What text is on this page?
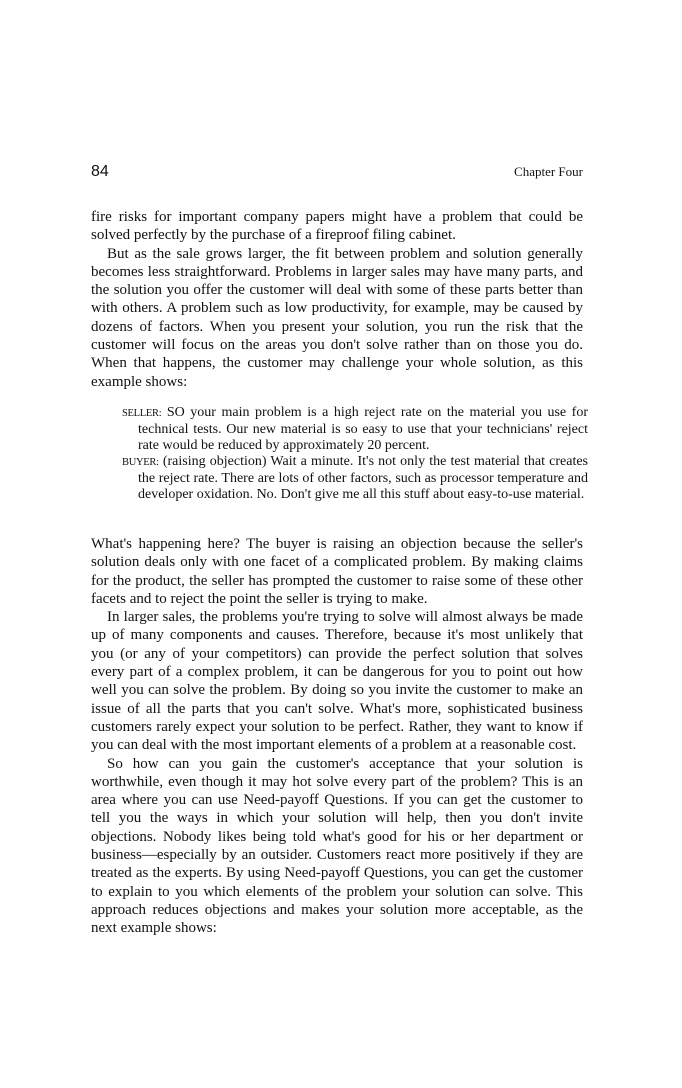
84	Chapter Four

fire risks for important company papers might have a problem that could be solved perfectly by the purchase of a fireproof filing cabinet.

But as the sale grows larger, the fit between problem and solution generally becomes less straightforward. Problems in larger sales may have many parts, and the solution you offer the customer will deal with some of these parts better than with others. A problem such as low productivity, for example, may be caused by dozens of factors. When you present your solution, you run the risk that the customer will focus on the areas you don't solve rather than on those you do. When that happens, the customer may challenge your whole solution, as this example shows:

SELLER: SO your main problem is a high reject rate on the material you use for technical tests. Our new material is so easy to use that your technicians' reject rate would be reduced by approximately 20 percent.

BUYER: (raising objection) Wait a minute. It's not only the test material that creates the reject rate. There are lots of other factors, such as processor temperature and developer oxidation. No. Don't give me all this stuff about easy-to-use material.

What's happening here? The buyer is raising an objection because the seller's solution deals only with one facet of a complicated problem. By making claims for the product, the seller has prompted the customer to raise some of these other facets and to reject the point the seller is trying to make.

In larger sales, the problems you're trying to solve will almost always be made up of many components and causes. Therefore, because it's most unlikely that you (or any of your competitors) can provide the perfect solution that solves every part of a complex problem, it can be dangerous for you to point out how well you can solve the problem. By doing so you invite the customer to make an issue of all the parts that you can't solve. What's more, sophisticated business customers rarely expect your solution to be perfect. Rather, they want to know if you can deal with the most important elements of a problem at a reasonable cost.

So how can you gain the customer's acceptance that your solution is worthwhile, even though it may hot solve every part of the problem? This is an area where you can use Need-payoff Questions. If you can get the customer to tell you the ways in which your solution will help, then you don't invite objections. Nobody likes being told what's good for his or her department or business—especially by an outsider. Customers react more positively if they are treated as the experts. By using Need-payoff Questions, you can get the customer to explain to you which elements of the problem your solution can solve. This approach reduces objections and makes your solution more acceptable, as the next example shows:
